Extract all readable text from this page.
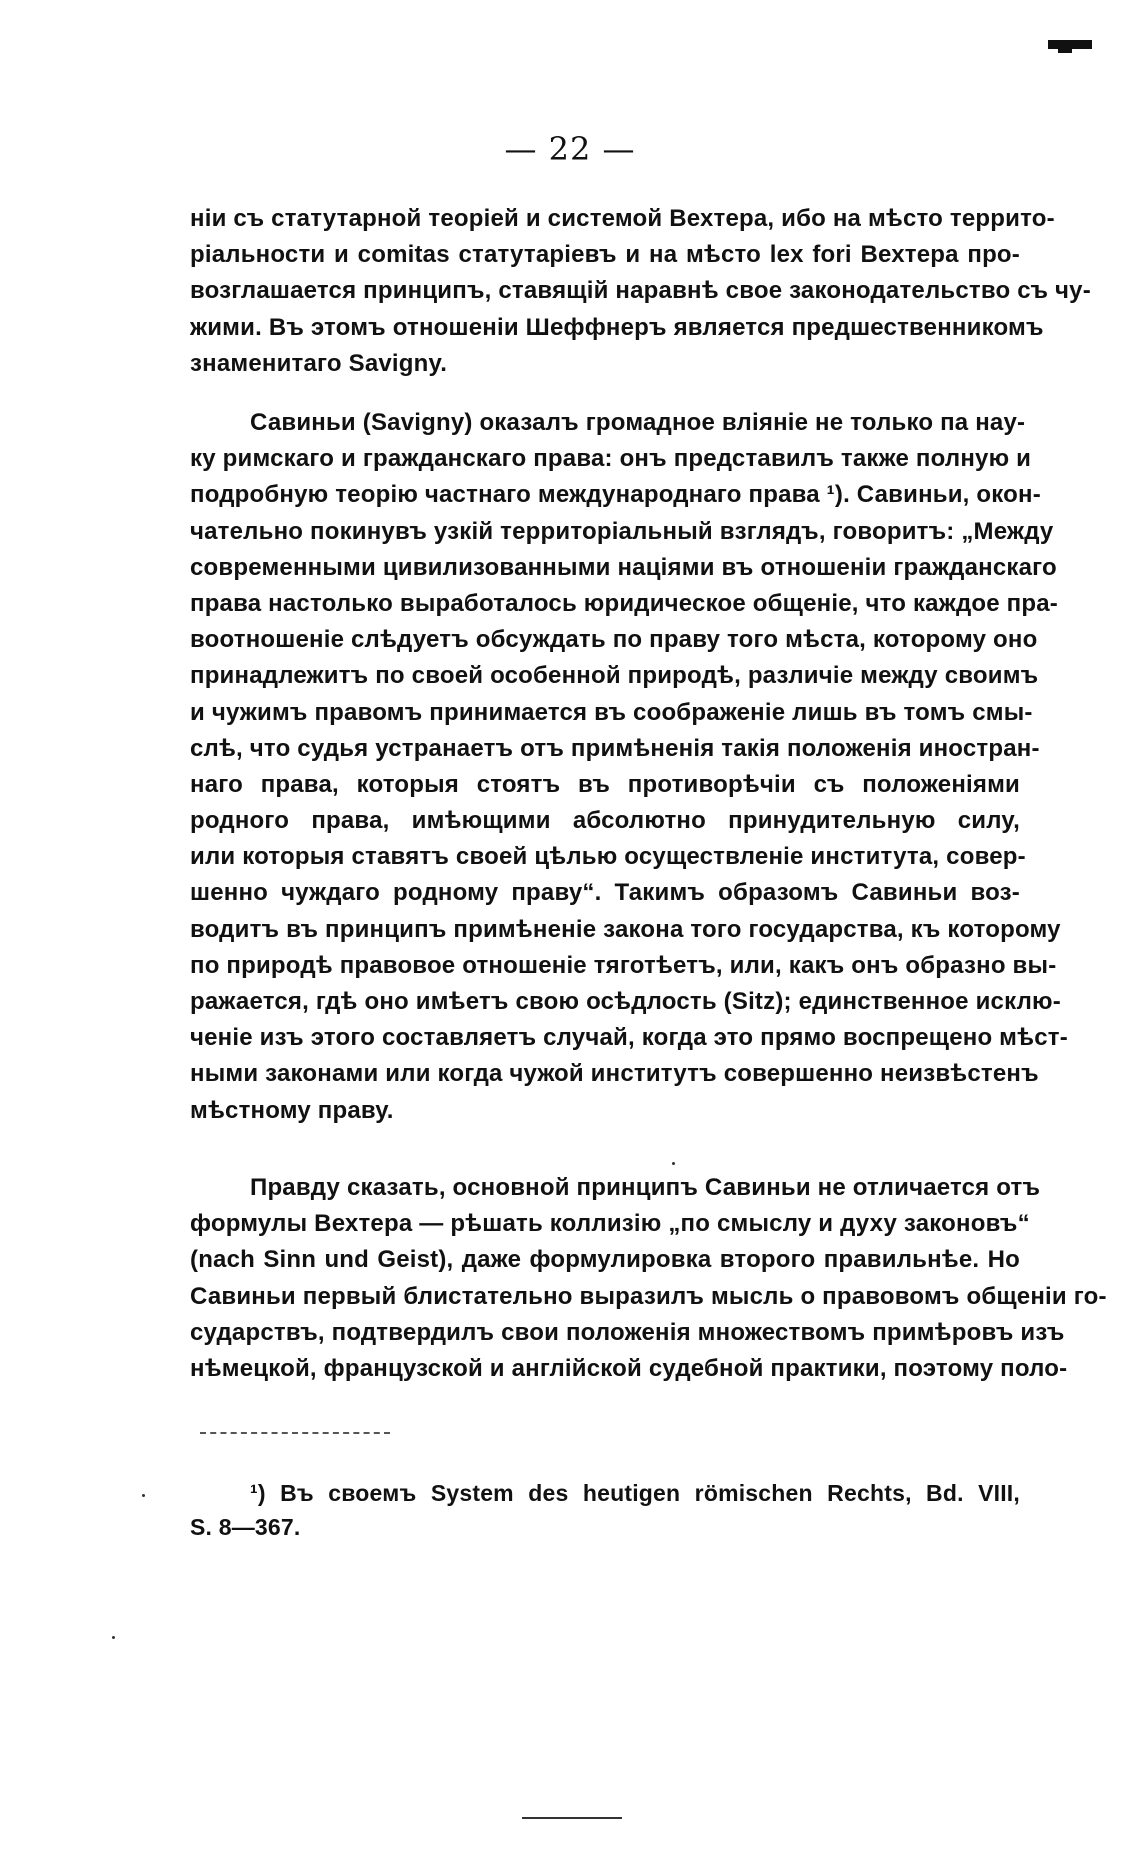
— 22 —
ніи съ статутарной теоріей и системой Вехтера, ибо на мѣсто террито-
ріальности и comitas статутаріевъ и на мѣсто lex fori Вехтера про-
возглашается принципъ, ставящій наравнѣ свое законодательство съ чу-
жими. Въ этомъ отношеніи Шеффнеръ является предшественникомъ
знаменитаго Savigny.
Савиньи (Savigny) оказалъ громадное вліяніе не только па нау-
ку римскаго и гражданскаго права: онъ представилъ также полную и
подробную теорію частнаго международнаго права ¹). Савиньи, окон-
чательно покинувъ узкій территоріальный взглядъ, говоритъ: „Между
современными цивилизованными націями въ отношеніи гражданскаго
права настолько выработалось юридическое общеніе, что каждое пра-
воотношеніе слѣдуетъ обсуждать по праву того мѣста, которому оно
принадлежитъ по своей особенной природѣ, различіе между своимъ
и чужимъ правомъ принимается въ соображеніе лишь въ томъ смы-
слѣ, что судья устранаетъ отъ примѣненія такія положенія иностран-
наго права, которыя стоятъ въ противорѣчіи съ положеніями
родного права, имѣющими абсолютно принудительную силу,
или которыя ставятъ своей цѣлью осуществленіе института, совер-
шенно чуждаго родному праву“. Такимъ образомъ Савиньи воз-
водитъ въ принципъ примѣненіе закона того государства, къ которому
по природѣ правовое отношеніе тяготѣетъ, или, какъ онъ образно вы-
ражается, гдѣ оно имѣетъ свою осѣдлость (Sitz); единственное исклю-
ченіе изъ этого составляетъ случай, когда это прямо воспрещено мѣст-
ными законами или когда чужой институтъ совершенно неизвѣстенъ
мѣстному праву.
Правду сказать, основной принципъ Савиньи не отличается отъ
формулы Вехтера — рѣшать коллизію „по смыслу и духу законовъ“
(nach Sinn und Geist), даже формулировка второго правильнѣе. Но
Савиньи первый блистательно выразилъ мысль о правовомъ общеніи го-
сударствъ, подтвердилъ свои положенія множествомъ примѣровъ изъ
нѣмецкой, французской и англійской судебной практики, поэтому поло-
¹) Въ своемъ System des heutigen römischen Rechts, Bd. VIII,
S. 8—367.
